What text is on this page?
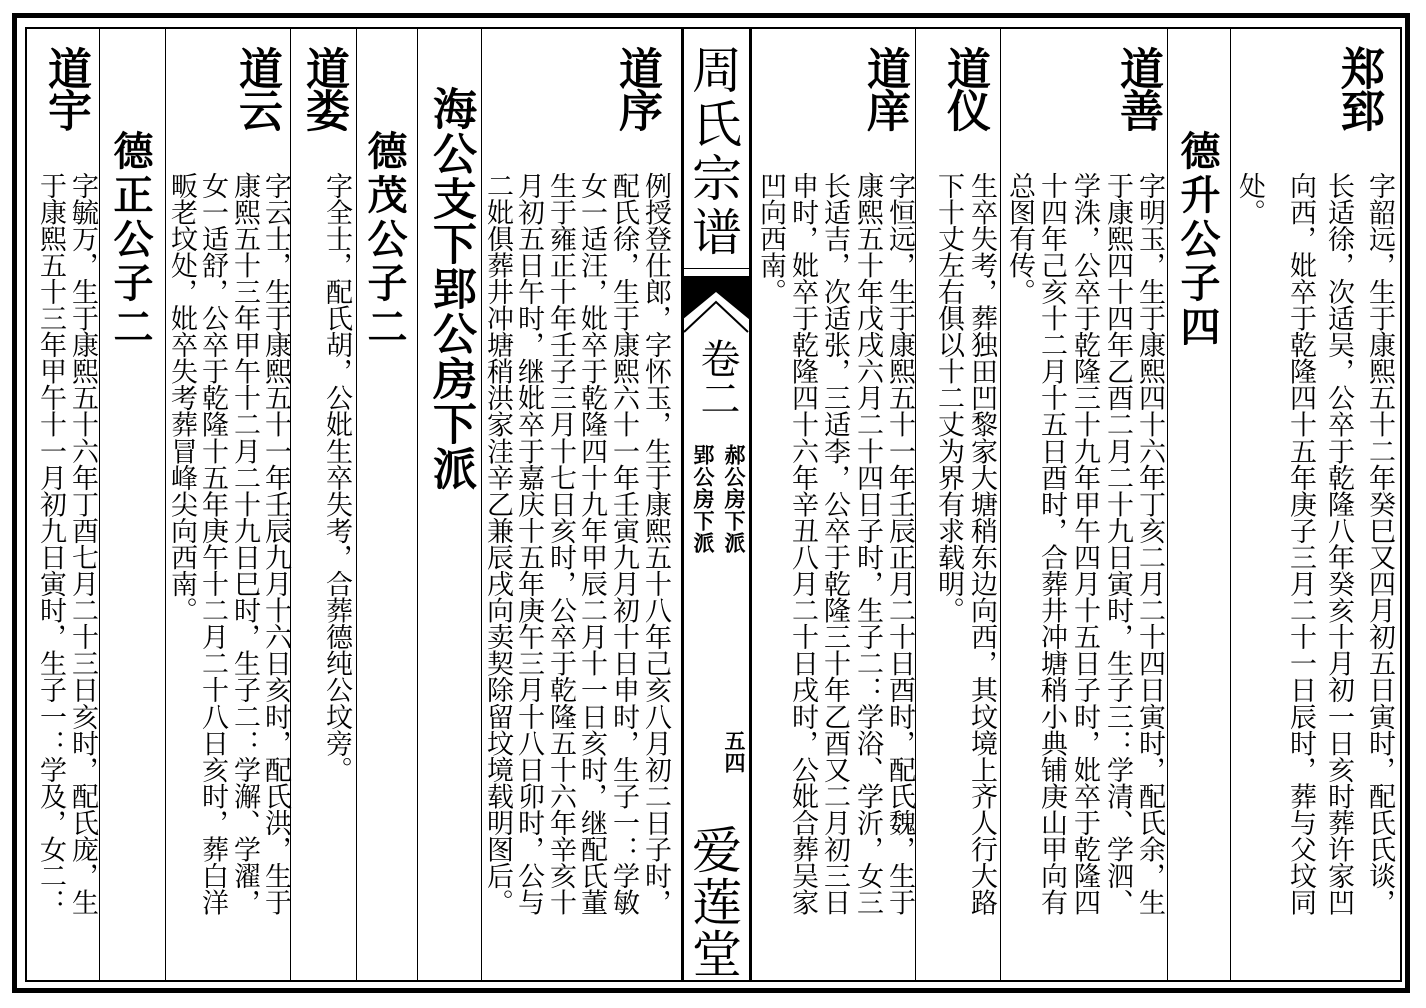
周氏宗谱
卷二
郝公房下派
郢公房下派
五四
爱莲堂
郑郅
字韶远，生于康熙五十二年癸巳又四月初五日寅时，配氏氏谈，
长适徐，次适吴，公卒于乾隆八年癸亥十月初一日亥时葬许家凹
向西，妣卒于乾隆四十五年庚子三月二十一日辰时，葬与父坟同
处。
德升公子四
道善
字明玉，生于康熙四十六年丁亥二月二十四日寅时，配氏余，生
于康熙四十四年乙酉二月二十九日寅时，生子三：学清、学泗、
学洙，公卒于乾隆三十九年甲午四月十五日子时，妣卒于乾隆四
十四年己亥十二月十五日酉时，合葬井冲塘稍小典铺庚山甲向有
总图有传。
道仪
生卒失考，葬独田凹黎家大塘稍东边向西，其坟境上齐人行大路
下十丈左右俱以十二丈为界有求载明。
道庠
字恒远，生于康熙五十一年壬辰正月二十日酉时，配氏魏，生于
康熙五十年戊戌六月二十四日子时，生子二：学浴、学沂，女三
长适吉，次适张，三适李，公卒于乾隆三十年乙酉又二月初三日
申时，妣卒于乾隆四十六年辛丑八月二十日戌时，公妣合葬吴家
凹向西南。
道序
例授登仕郎，字怀玉，生于康熙五十八年己亥八月初二日子时，
配氏徐，生于康熙六十一年壬寅九月初十日申时，生子一：学敏
女一适汪，妣卒于乾隆四十九年甲辰二月十一日亥时，继配氏董
生于雍正十年壬子三月十七日亥时，公卒于乾隆五十六年辛亥十
月初五日午时，继妣卒于嘉庆十五年庚午三月十八日卯时，公与
二妣俱葬井冲塘稍洪家洼辛乙兼辰戌向卖契除留坟境载明图后。
海公支下郢公房下派
德茂公子二
道娄
字全士，配氏胡，公妣生卒失考，合葬德纯公坟旁。
道云
字云士，生于康熙五十一年壬辰九月十六日亥时，配氏洪，生于
康熙五十三年甲午十二月二十九日巳时，生子二：学澥、学濯，
女一适舒，公卒于乾隆十五年庚午十二月二十八日亥时，葬白洋
畈老坟处，妣卒失考葬冒峰尖向西南。
德正公子二
道宇
字毓万，生于康熙五十六年丁酉七月二十三日亥时，配氏庞，生
于康熙五十三年甲午十一月初九日寅时，生子一：学及，女二：
